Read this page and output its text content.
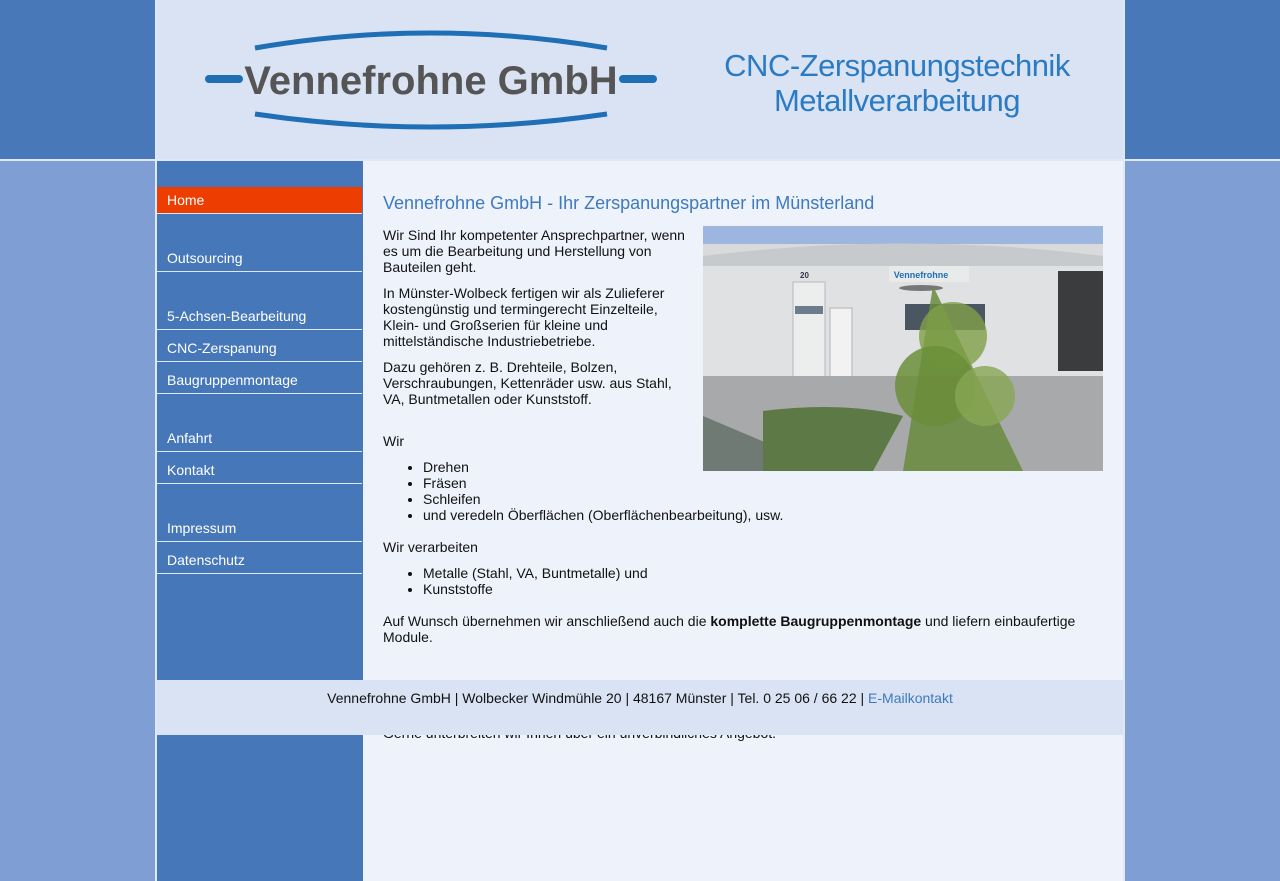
Vennefrohne GmbH	CNC-Zerspanungstechnik
Metallverarbeitung
Home
Outsourcing
5-Achsen-Bearbeitung
CNC-Zerspanung
Baugruppenmontage
Anfahrt
Kontakt
Impressum
Datenschutz
Vennefrohne GmbH - Ihr Zerspanungspartner im Münsterland
Vennefrohne
20

Wir Sind Ihr kompetenter Ansprechpartner, wenn es um die Bearbeitung und Herstellung von Bauteilen geht.

In Münster-Wolbeck fertigen wir als Zulieferer kostengünstig und termingerecht Einzelteile, Klein- und Großserien für kleine und mittelständische Industriebetriebe.

Dazu gehören z. B. Drehteile, Bolzen, Verschraubungen, Kettenräder usw. aus Stahl, VA, Buntmetallen oder Kunststoff.

Wir

• Drehen
• Fräsen
• Schleifen
• und veredeln Öberflächen (Oberflächenbearbeitung), usw.

Wir verarbeiten

• Metalle (Stahl, VA, Buntmetalle) und
• Kunststoffe

Auf Wunsch übernehmen wir anschließend auch die komplette Baugruppenmontage und liefern einbaufertige Module.

Vennefrohne GmbH | Wolbecker Windmühle 20 | 48167 Münster | Tel. 0 25 06 / 66 22 | E-Mailkontakt
